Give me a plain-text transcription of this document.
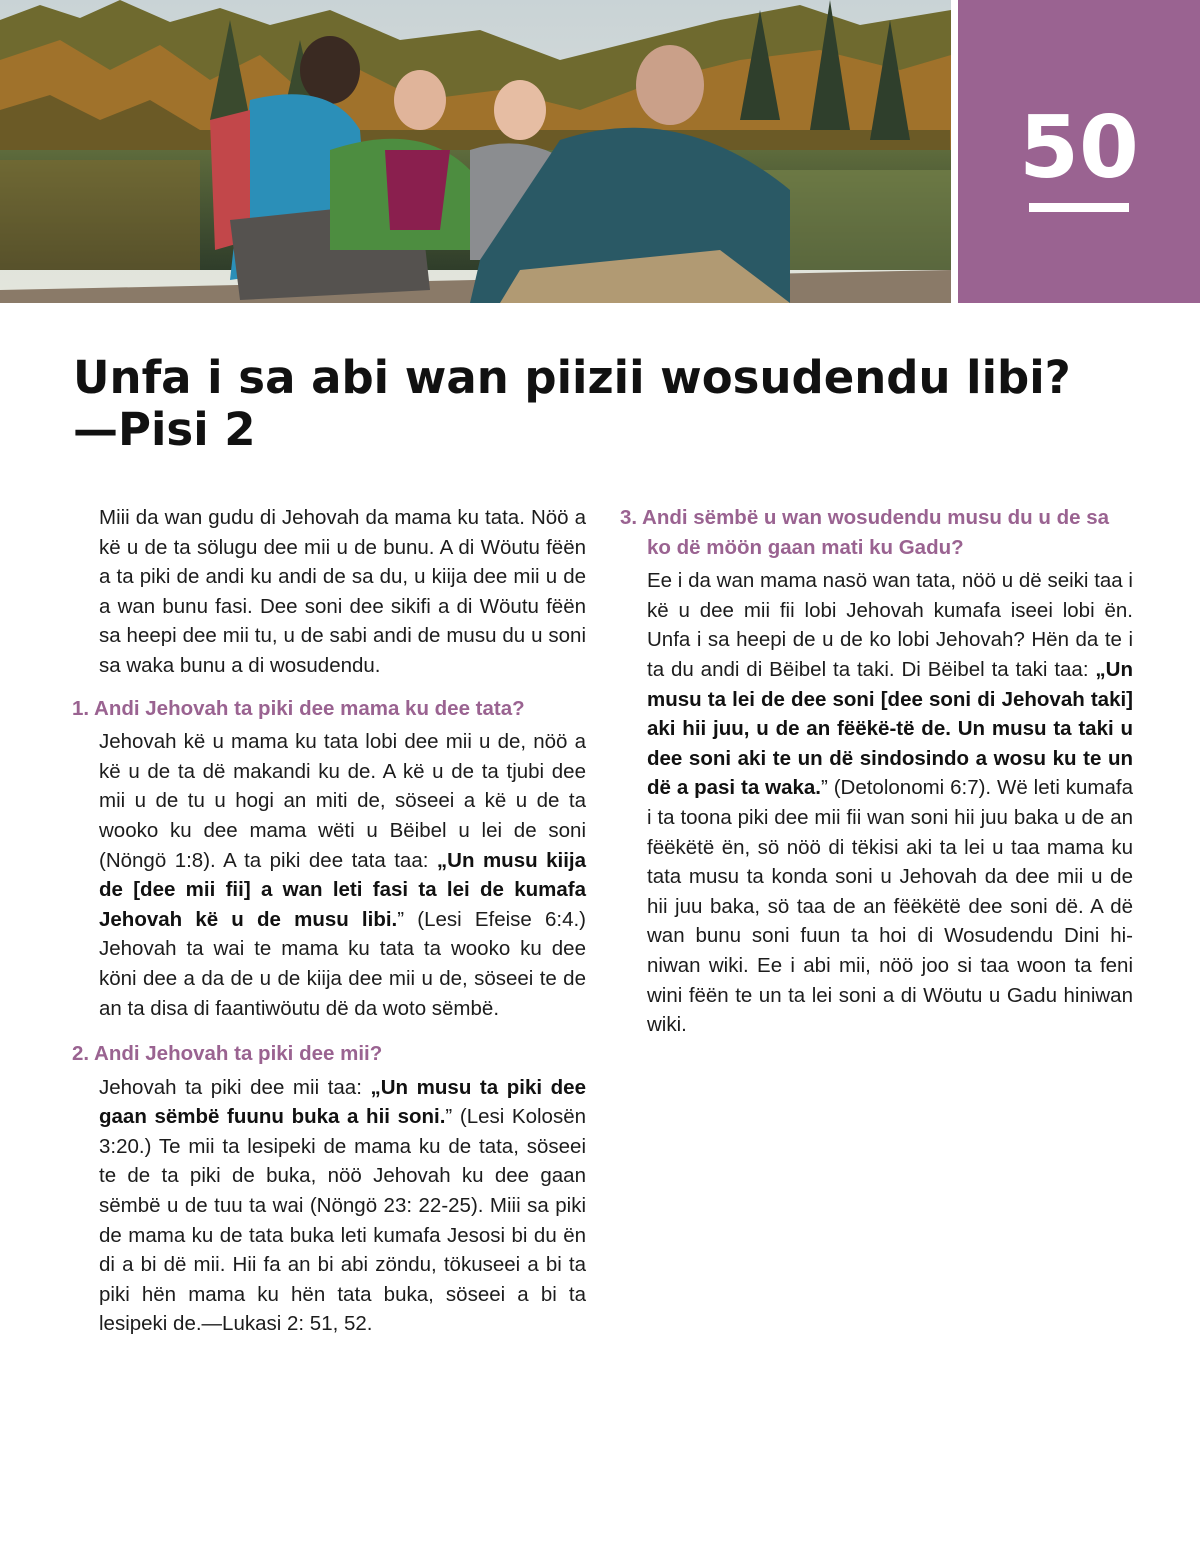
50
Unfa i sa abi wan piizii wosudendu libi?
—Pisi 2

Miii da wan gudu di Jehovah da mama ku tata. Nöö a kë u de ta sölugu dee mii u de bunu. A di Wöutu fëën a ta piki de andi ku andi de sa du, u kiija dee mii u de a wan bunu fasi. Dee soni dee sikifi a di Wöutu fëën sa heepi dee mii tu, u de sabi andi de musu du u soni sa waka bunu a di wosudendu.

1. Andi Jehovah ta piki dee mama ku dee tata?

Jehovah kë u mama ku tata lobi dee mii u de, nöö a kë u de ta dë makandi ku de. A kë u de ta tjubi dee mii u de tu u hogi an miti de, söseei a kë u de ta wooko ku dee mama wëti u Bëibel u lei de soni (Nöngö 1:8). A ta piki dee tata taa: „Un musu kiija de [dee mii fii] a wan leti fasi ta lei de kumafa Jehovah kë u de musu libi.” (Lesi Efeise 6:4.) Jehovah ta wai te mama ku tata ta wooko ku dee köni dee a da de u de kiija dee mii u de, söseei te de an ta disa di faantiwöutu dë da woto sëmbë.

2. Andi Jehovah ta piki dee mii?

Jehovah ta piki dee mii taa: „Un musu ta piki dee gaan sëmbë fuunu buka a hii soni.” (Lesi Kolosën 3:20.) Te mii ta lesipeki de mama ku de tata, söseei te de ta piki de buka, nöö Jehovah ku dee gaan sëmbë u de tuu ta wai (Nöngö 23: 22-25). Miii sa piki de mama ku de tata buka leti kumafa Jesosi bi du ën di a bi dë mii. Hii fa an bi abi zöndu, tökuseei a bi ta piki hën mama ku hën tata buka, söseei a bi ta lesipeki de.—Lukasi 2: 51, 52.

3. Andi sëmbë u wan wosudendu musu du u de sa ko dë möön gaan mati ku Gadu?

Ee i da wan mama nasö wan tata, nöö u dë seiki taa i kë u dee mii fii lobi Jehovah kumafa iseei lobi ën. Unfa i sa heepi de u de ko lobi Jehovah? Hën da te i ta du andi di Bëibel ta taki. Di Bëibel ta taki taa: „Un musu ta lei de dee soni [dee soni di Jehovah taki] aki hii juu, u de an fëëkë-të de. Un musu ta taki u dee soni aki te un dë sindosindo a wosu ku te un dë a pasi ta waka.” (Detolonomi 6:7). Wë leti kumafa i ta toona piki dee mii fii wan soni hii juu baka u de an fëëkëtë ën, sö nöö di tëkisi aki ta lei u taa mama ku tata musu ta konda soni u Jehovah da dee mii u de hii juu baka, sö taa de an fëëkëtë dee soni dë. A dë wan bunu soni fuun ta hoi di Wosudendu Dini hi-niwan wiki. Ee i abi mii, nöö joo si taa woon ta feni wini fëën te un ta lei soni a di Wöutu u Gadu hiniwan wiki.
